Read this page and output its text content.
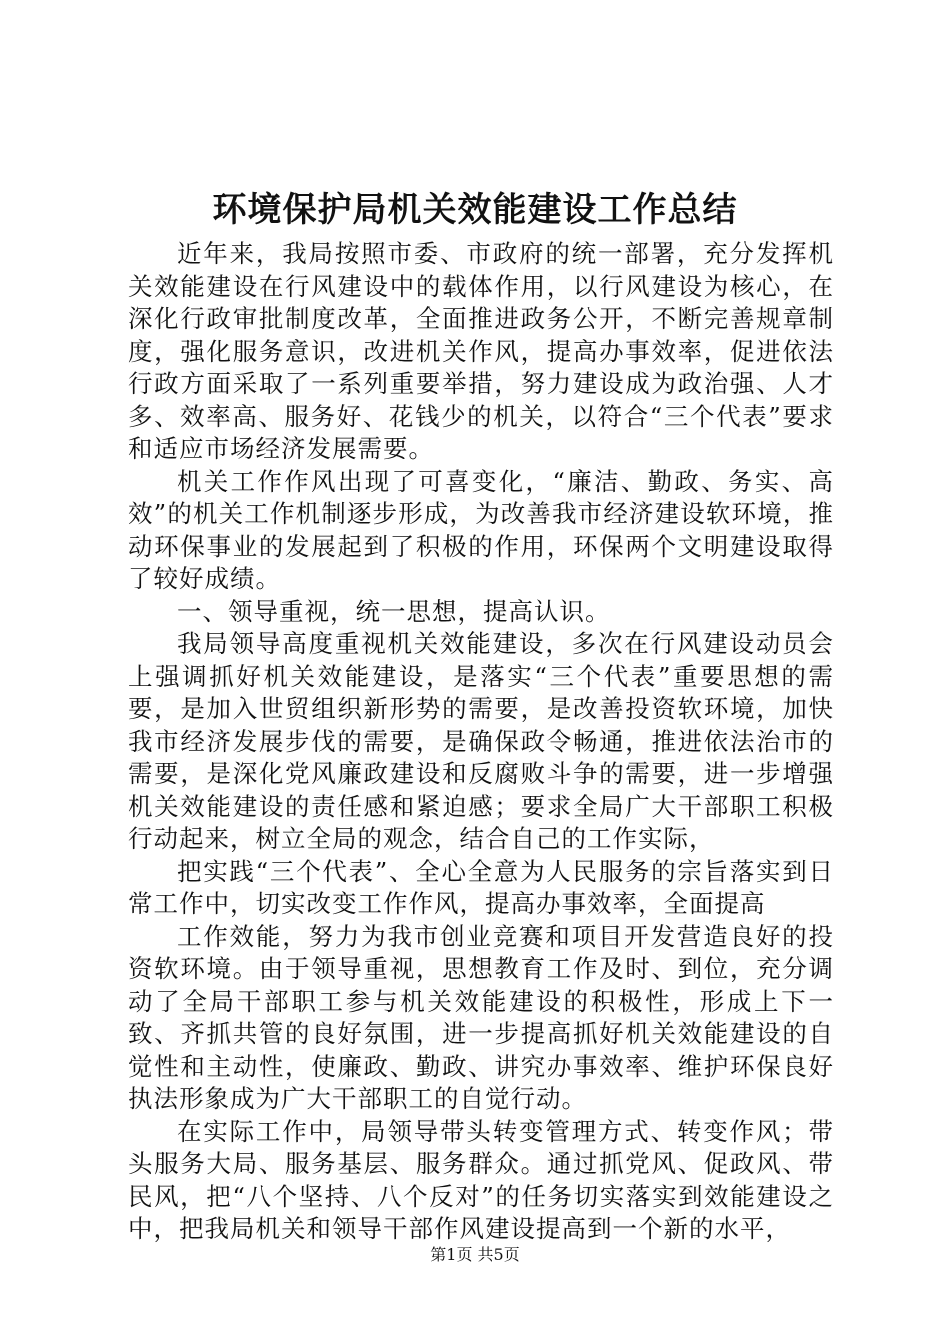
环境保护局机关效能建设工作总结

近年来，我局按照市委、市政府的统一部署，充分发挥机关效能建设在行风建设中的载体作用，以行风建设为核心，在深化行政审批制度改革，全面推进政务公开，不断完善规章制度，强化服务意识，改进机关作风，提高办事效率，促进依法行政方面采取了一系列重要举措，努力建设成为政治强、人才多、效率高、服务好、花钱少的机关，以符合“三个代表”要求和适应市场经济发展需要。

机关工作作风出现了可喜变化，“廉洁、勤政、务实、高效”的机关工作机制逐步形成，为改善我市经济建设软环境，推动环保事业的发展起到了积极的作用，环保两个文明建设取得了较好成绩。

一、领导重视，统一思想，提高认识。

我局领导高度重视机关效能建设，多次在行风建设动员会上强调抓好机关效能建设，是落实“三个代表”重要思想的需要，是加入世贸组织新形势的需要，是改善投资软环境，加快我市经济发展步伐的需要，是确保政令畅通，推进依法治市的需要，是深化党风廉政建设和反腐败斗争的需要，进一步增强机关效能建设的责任感和紧迫感；要求全局广大干部职工积极行动起来，树立全局的观念，结合自己的工作实际，

把实践“三个代表”、全心全意为人民服务的宗旨落实到日常工作中，切实改变工作作风，提高办事效率，全面提高

工作效能，努力为我市创业竞赛和项目开发营造良好的投资软环境。由于领导重视，思想教育工作及时、到位，充分调动了全局干部职工参与机关效能建设的积极性，形成上下一致、齐抓共管的良好氛围，进一步提高抓好机关效能建设的自觉性和主动性，使廉政、勤政、讲究办事效率、维护环保良好执法形象成为广大干部职工的自觉行动。

在实际工作中，局领导带头转变管理方式、转变作风；带头服务大局、服务基层、服务群众。通过抓党风、促政风、带民风，把“八个坚持、八个反对”的任务切实落实到效能建设之中，把我局机关和领导干部作风建设提高到一个新的水平，

第1页 共5页
